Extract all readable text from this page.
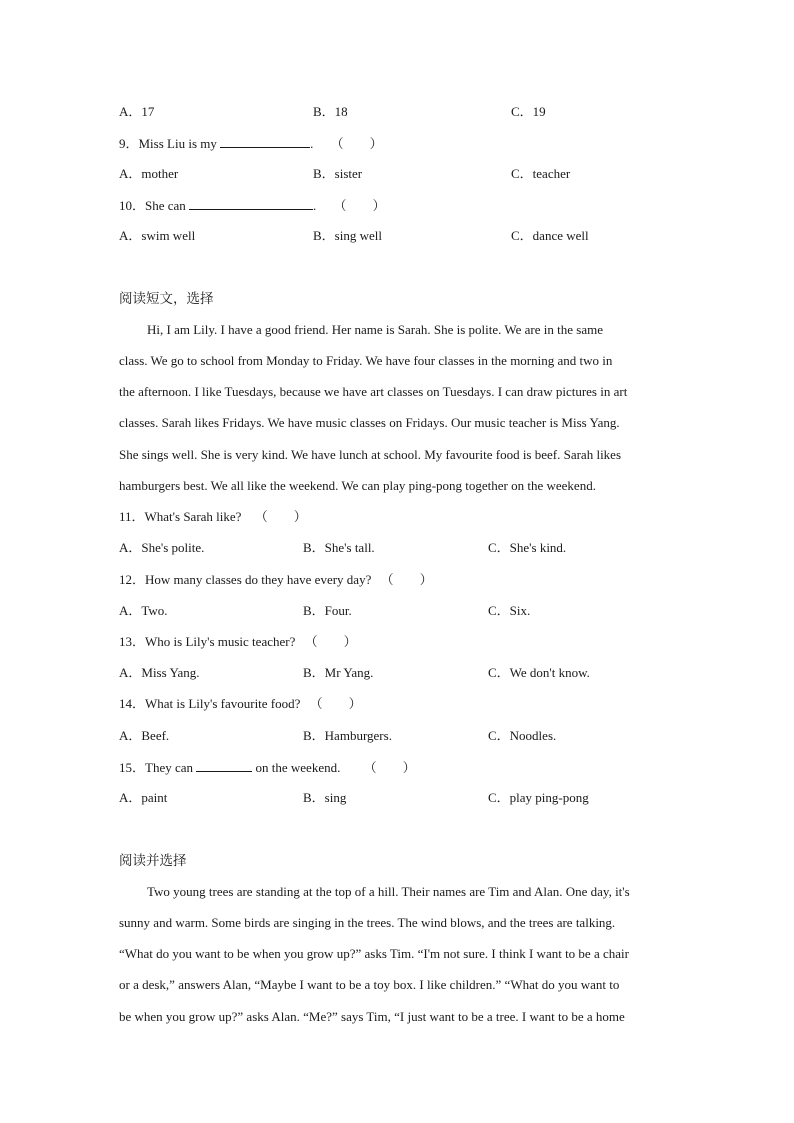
A．17	B．18	C．19
9．Miss Liu is my	. （　　）
A．mother	B．sister	C．teacher
10．She can	. （　　）
A．swim well	B．sing well	C．dance well
阅读短文，选择
Hi, I am Lily. I have a good friend. Her name is Sarah. She is polite. We are in the same
class. We go to school from Monday to Friday. We have four classes in the morning and two in
the afternoon. I like Tuesdays, because we have art classes on Tuesdays. I can draw pictures in art
classes. Sarah likes Fridays. We have music classes on Fridays. Our music teacher is Miss Yang.
She sings well. She is very kind. We have lunch at school. My favourite food is beef. Sarah likes
hamburgers best. We all like the weekend. We can play ping-pong together on the weekend.
11．What's Sarah like? （　　）
A．She's polite.	B．She's tall.	C．She's kind.
12．How many classes do they have every day? （　　）
A．Two.	B．Four.	C．Six.
13．Who is Lily's music teacher? （　　）
A．Miss Yang.	B．Mr Yang.	C．We don't know.
14．What is Lily's favourite food? （　　）
A．Beef.	B．Hamburgers.	C．Noodles.
15．They can	on the weekend. （　　）
A．paint	B．sing	C．play ping-pong
阅读并选择
Two young trees are standing at the top of a hill. Their names are Tim and Alan. One day, it's
sunny and warm. Some birds are singing in the trees. The wind blows, and the trees are talking.
“What do you want to be when you grow up?” asks Tim. “I'm not sure. I think I want to be a chair
or a desk,” answers Alan, “Maybe I want to be a toy box. I like children.” “What do you want to
be when you grow up?” asks Alan. “Me?” says Tim, “I just want to be a tree. I want to be a home
